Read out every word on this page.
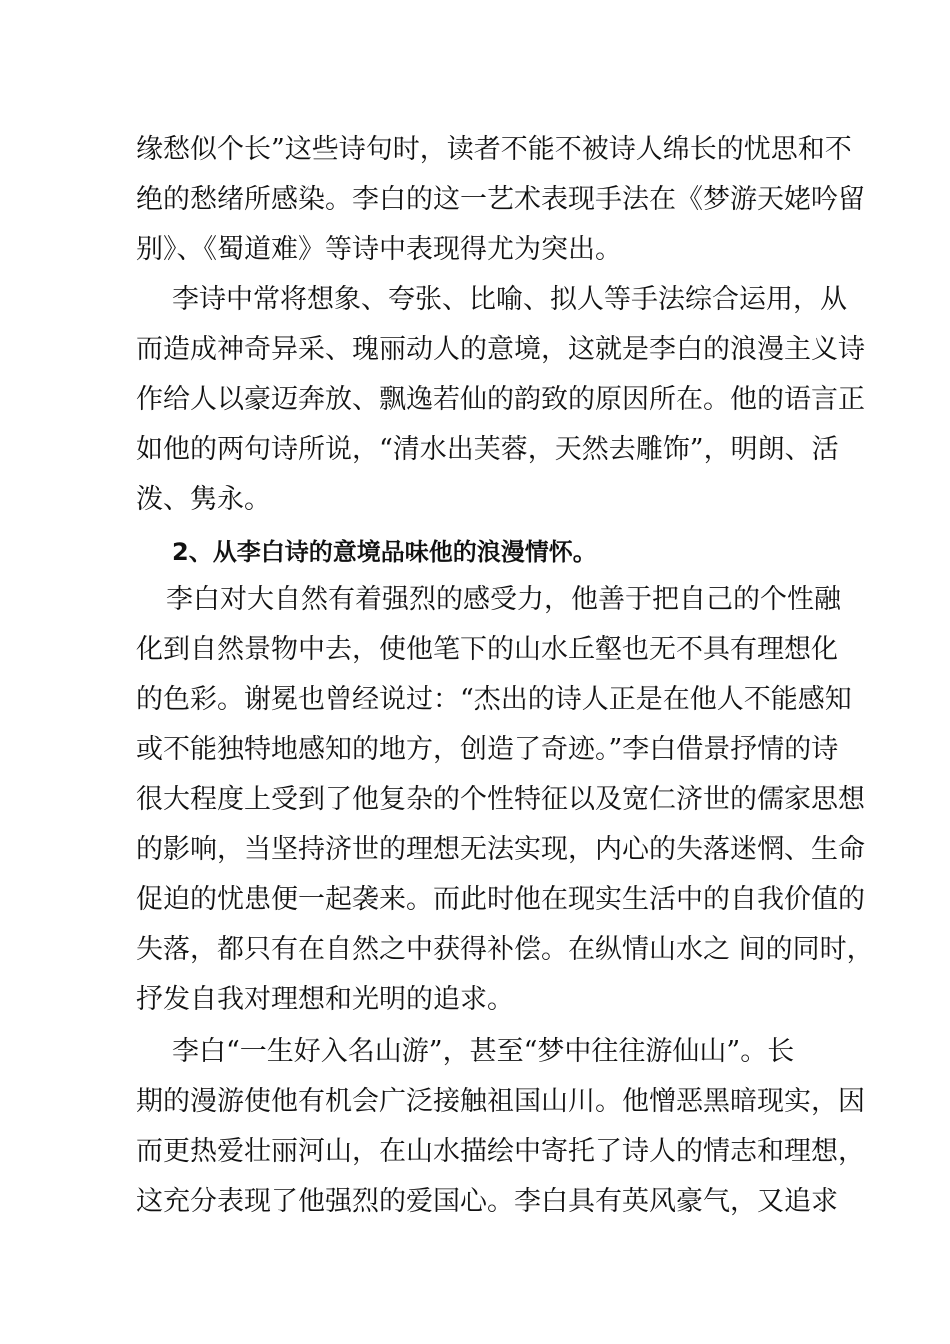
缘愁似个长”这些诗句时，读者不能不被诗人绵长的忧思和不
绝的愁绪所感染。李白的这一艺术表现手法在《梦游天姥吟留
别》、《蜀道难》等诗中表现得尤为突出。
李诗中常将想象、夸张、比喻、拟人等手法综合运用，从
而造成神奇异采、瑰丽动人的意境，这就是李白的浪漫主义诗
作给人以豪迈奔放、飘逸若仙的韵致的原因所在。他的语言正
如他的两句诗所说，“清水出芙蓉，天然去雕饰”，明朗、活
泼、隽永。
2、从李白诗的意境品味他的浪漫情怀。
李白对大自然有着强烈的感受力，他善于把自己的个性融
化到自然景物中去，使他笔下的山水丘壑也无不具有理想化
的色彩。谢冕也曾经说过：“杰出的诗人正是在他人不能感知
或不能独特地感知的地方，创造了奇迹。”李白借景抒情的诗
很大程度上受到了他复杂的个性特征以及宽仁济世的儒家思想
的影响，当坚持济世的理想无法实现，内心的失落迷惘、生命
促迫的忧患便一起袭来。而此时他在现实生活中的自我价值的
失落，都只有在自然之中获得补偿。在纵情山水之 间的同时，
抒发自我对理想和光明的追求。
李白“一生好入名山游”，甚至“梦中往往游仙山”。长
期的漫游使他有机会广泛接触祖国山川。他憎恶黑暗现实，因
而更热爱壮丽河山，在山水描绘中寄托了诗人的情志和理想，
这充分表现了他强烈的爱国心。李白具有英风豪气，又追求
